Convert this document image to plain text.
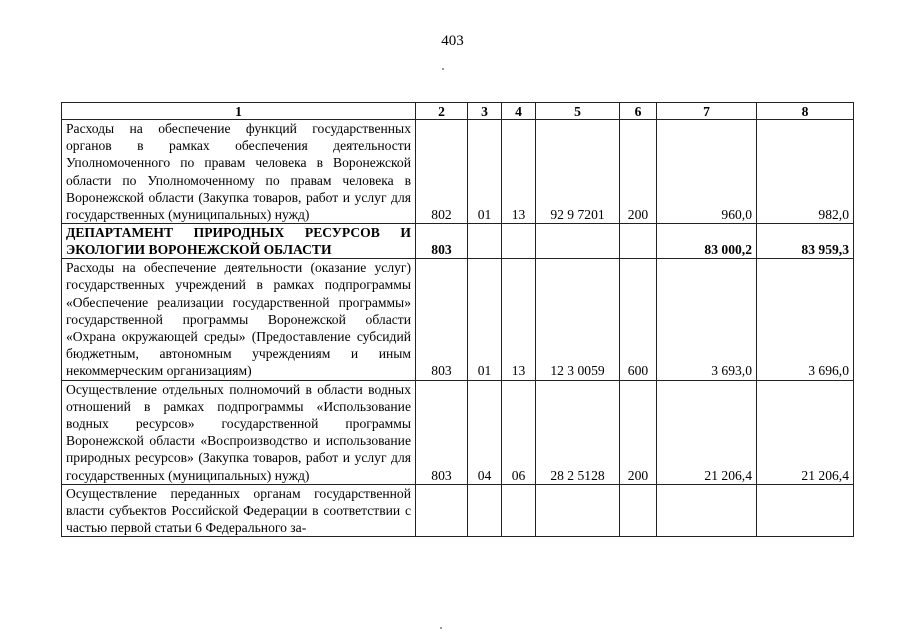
403
1	2	3	4	5	6	7	8
Расходы на обеспечение функций государственных органов в рамках обеспечения деятельности Уполномоченного по правам человека в Воронежской области по Уполномоченному по правам человека в Воронежской области (Закупка товаров, работ и услуг для государственных (муниципальных) нужд)	802	01	13	92 9 7201	200	960,0	982,0
ДЕПАРТАМЕНТ ПРИРОДНЫХ РЕСУРСОВ И ЭКОЛОГИИ ВОРОНЕЖСКОЙ ОБЛАСТИ	803					83 000,2	83 959,3
Расходы на обеспечение деятельности (оказание услуг) государственных учреждений в рамках подпрограммы «Обеспечение реализации государственной программы» государственной программы Воронежской области «Охрана окружающей среды» (Предоставление субсидий бюджетным, автономным учреждениям и иным некоммерческим организациям)	803	01	13	12 3 0059	600	3 693,0	3 696,0
Осуществление отдельных полномочий в области водных отношений в рамках подпрограммы «Использование водных ресурсов» государственной программы Воронежской области «Воспроизводство и использование природных ресурсов» (Закупка товаров, работ и услуг для государственных (муниципальных) нужд)	803	04	06	28 2 5128	200	21 206,4	21 206,4
Осуществление переданных органам государственной власти субъектов Российской Федерации в соответствии с частью первой статьи 6 Федерального за-							
